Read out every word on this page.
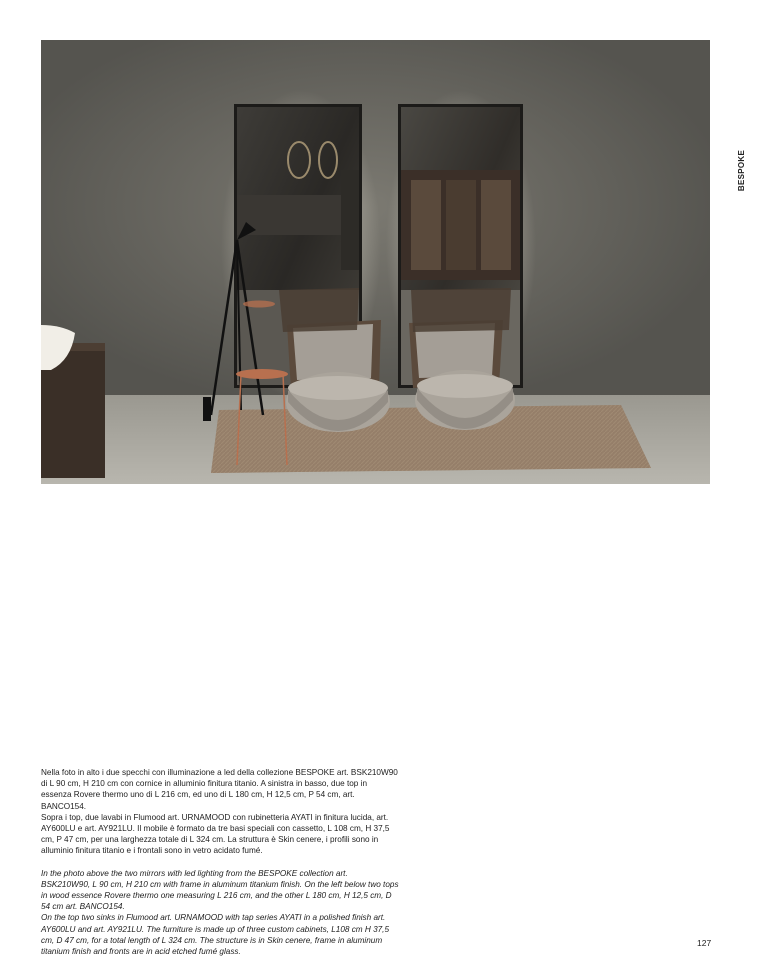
BESPOKE

Nella foto in alto i due specchi con illuminazione a led della collezione BESPOKE art. BSK210W90 di L 90 cm, H 210 cm con cornice in alluminio finitura titanio. A sinistra in basso, due top in essenza Rovere thermo uno di L 216 cm, ed uno di L 180 cm, H 12,5 cm, P 54 cm, art. BANCO154.

Sopra i top, due lavabi in Flumood art. URNAMOOD con rubinetteria AYATI in finitura lucida, art. AY600LU e art. AY921LU. Il mobile è formato da tre basi speciali con cassetto, L 108 cm, H 37,5 cm, P 47 cm, per una larghezza totale di L 324 cm. La struttura è Skin cenere, i profili sono in alluminio finitura titanio e i frontali sono in vetro acidato fumé.

In the photo above the two mirrors with led lighting from the BESPOKE collection art. BSK210W90, L 90 cm, H 210 cm with frame in aluminum titanium finish. On the left below two tops in wood essence Rovere thermo one measuring L 216 cm, and the other L 180 cm, H 12,5 cm, D 54 cm art. BANCO154.

On the top two sinks in Flumood art. URNAMOOD with tap series AYATI in a polished finish art. AY600LU and art. AY921LU. The furniture is made up of three custom cabinets, L108 cm H 37,5 cm, D 47 cm, for a total length of L 324 cm. The structure is in Skin cenere, frame in aluminum titanium finish and fronts are in acid etched fumé glass.

127
